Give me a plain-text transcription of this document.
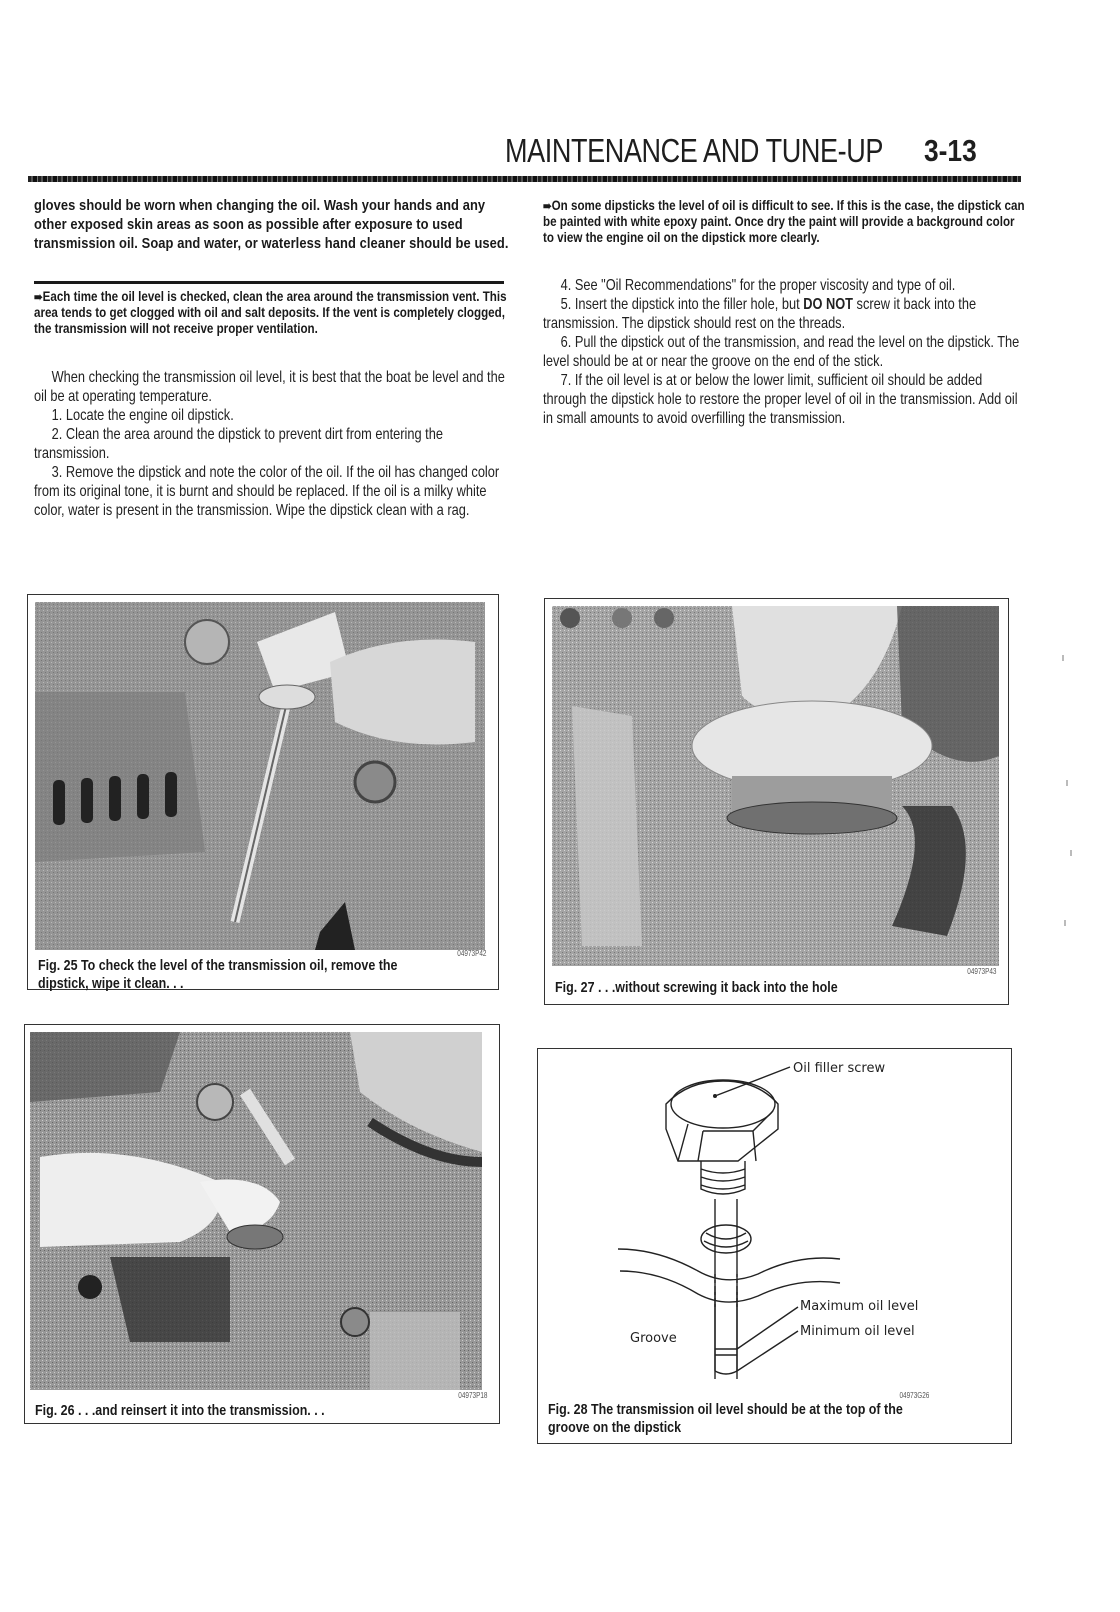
MAINTENANCE AND TUNE-UP 3-13
gloves should be worn when changing the oil. Wash your hands and any other exposed skin areas as soon as possible after exposure to used transmission oil. Soap and water, or waterless hand cleaner should be used.
➠Each time the oil level is checked, clean the area around the transmission vent. This area tends to get clogged with oil and salt deposits. If the vent is completely clogged, the transmission will not receive proper ventilation.

When checking the transmission oil level, it is best that the boat be level and the oil be at operating temperature.

1. Locate the engine oil dipstick.

2. Clean the area around the dipstick to prevent dirt from entering the transmission.

3. Remove the dipstick and note the color of the oil. If the oil has changed color from its original tone, it is burnt and should be replaced. If the oil is a milky white color, water is present in the transmission. Wipe the dipstick clean with a rag.

➠On some dipsticks the level of oil is difficult to see. If this is the case, the dipstick can be painted with white epoxy paint. Once dry the paint will provide a background color to view the engine oil on the dipstick more clearly.

4. See "Oil Recommendations" for the proper viscosity and type of oil.

5. Insert the dipstick into the filler hole, but DO NOT screw it back into the transmission. The dipstick should rest on the threads.

6. Pull the dipstick out of the transmission, and read the level on the dipstick. The level should be at or near the groove on the end of the stick.

7. If the oil level is at or below the lower limit, sufficient oil should be added through the dipstick hole to restore the proper level of oil in the transmission. Add oil in small amounts to avoid overfilling the transmission.

04973P42
Fig. 25 To check the level of the transmission oil, remove the
dipstick, wipe it clean. . .
04973P43
Fig. 27 . . .without screwing it back into the hole
04973P18
Fig. 26 . . .and reinsert it into the transmission. . .
Oil filler screw
Maximum oil level
Minimum oil level
Groove
04973G26
Fig. 28 The transmission oil level should be at the top of the
groove on the dipstick
